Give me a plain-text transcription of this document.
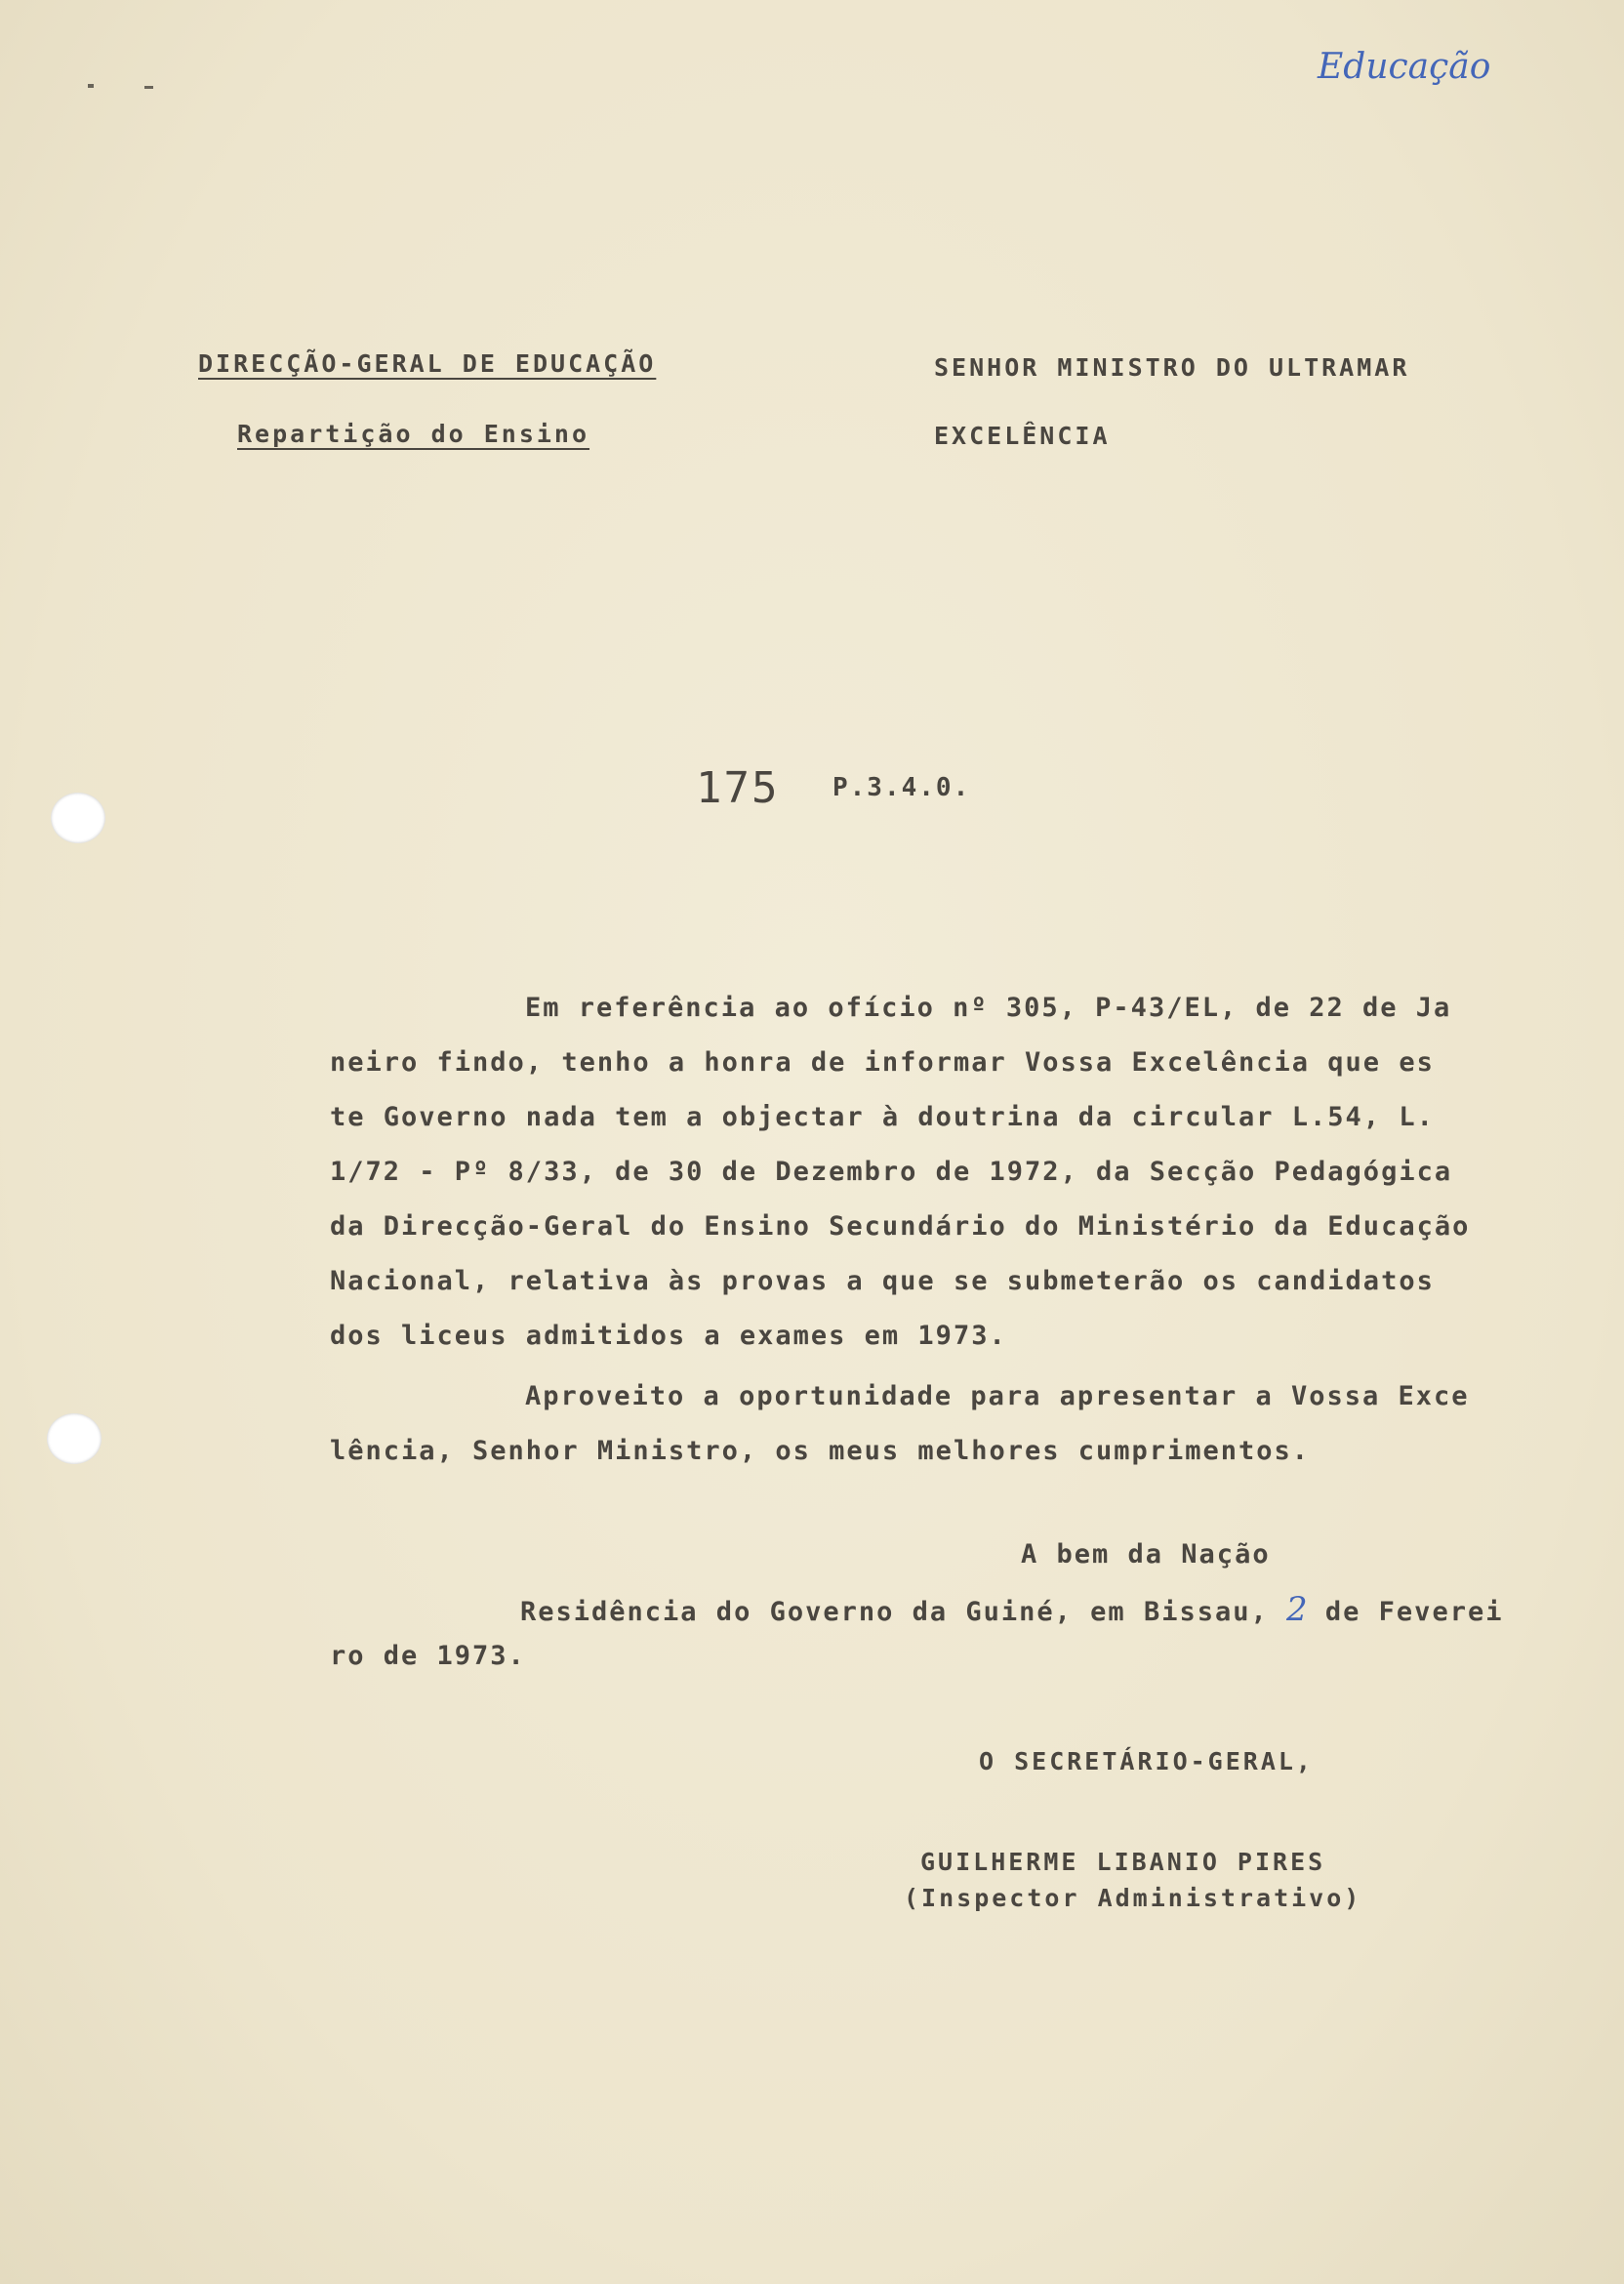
Educação
DIRECÇÃO-GERAL DE EDUCAÇÃO
Repartição do Ensino
SENHOR MINISTRO DO ULTRAMAR
EXCELÊNCIA
175 P.3.4.0.
Em referência ao ofício nº 305, P-43/EL, de 22 de Ja
neiro findo, tenho a honra de informar Vossa Excelência que es
te Governo nada tem a objectar à doutrina da circular L.54, L.
1/72 - Pº 8/33, de 30 de Dezembro de 1972, da Secção Pedagógica
da Direcção-Geral do Ensino Secundário do Ministério da Educação
Nacional, relativa às provas a que se submeterão os candidatos
dos liceus admitidos a exames em 1973.
Aproveito a oportunidade para apresentar a Vossa Exce
lência, Senhor Ministro, os meus melhores cumprimentos.
A bem da Nação
Residência do Governo da Guiné, em Bissau, 2 de Feverei
ro de 1973.
O SECRETÁRIO-GERAL,
GUILHERME LIBANIO PIRES
(Inspector Administrativo)
